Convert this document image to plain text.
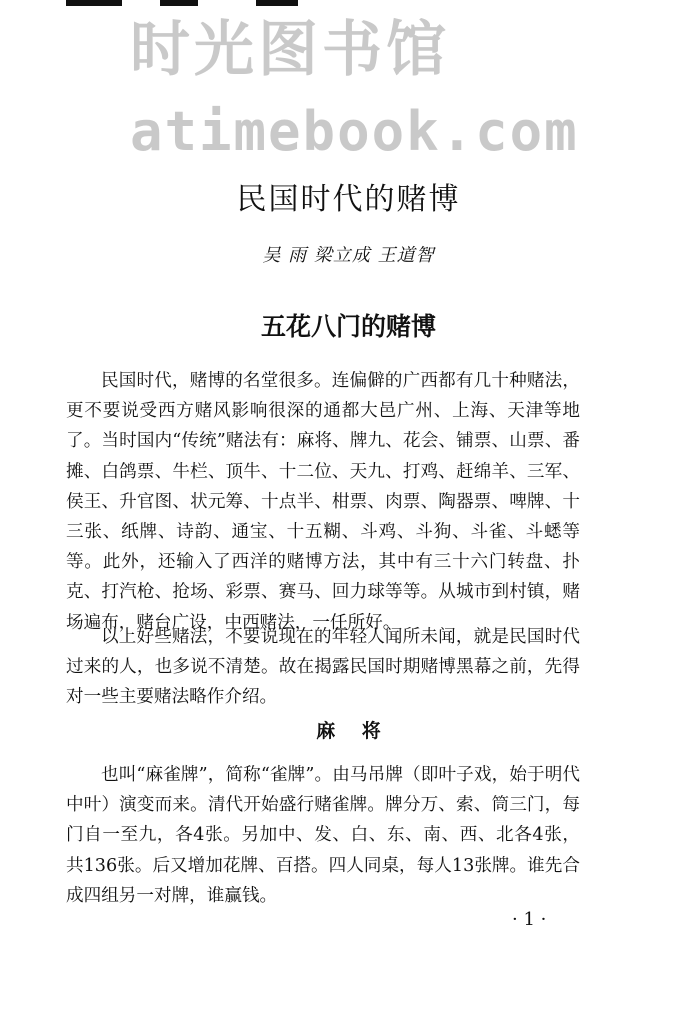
时光图书馆
atimebook.com
民国时代的赌博
吴 雨 梁立成 王道智
五花八门的赌博

民国时代，赌博的名堂很多。连偏僻的广西都有几十种赌法，更不要说受西方赌风影响很深的通都大邑广州、上海、天津等地了。当时国内“传统”赌法有：麻将、牌九、花会、铺票、山票、番摊、白鸽票、牛栏、顶牛、十二位、天九、打鸡、赶绵羊、三军、侯王、升官图、状元筹、十点半、柑票、肉票、陶器票、啤牌、十三张、纸牌、诗韵、通宝、十五糊、斗鸡、斗狗、斗雀、斗蟋等等。此外，还输入了西洋的赌博方法，其中有三十六门转盘、扑克、打汽枪、抢场、彩票、赛马、回力球等等。从城市到村镇，赌场遍布，赌台广设，中西赌法，一任所好。

以上好些赌法，不要说现在的年轻人闻所未闻，就是民国时代过来的人，也多说不清楚。故在揭露民国时期赌博黑幕之前，先得对一些主要赌法略作介绍。

麻 将

也叫“麻雀牌”，简称“雀牌”。由马吊牌（即叶子戏，始于明代中叶）演变而来。清代开始盛行赌雀牌。牌分万、索、筒三门，每门自一至九，各4张。另加中、发、白、东、南、西、北各4张，共136张。后又增加花牌、百搭。四人同桌，每人13张牌。谁先合成四组另一对牌，谁赢钱。

· 1 ·
